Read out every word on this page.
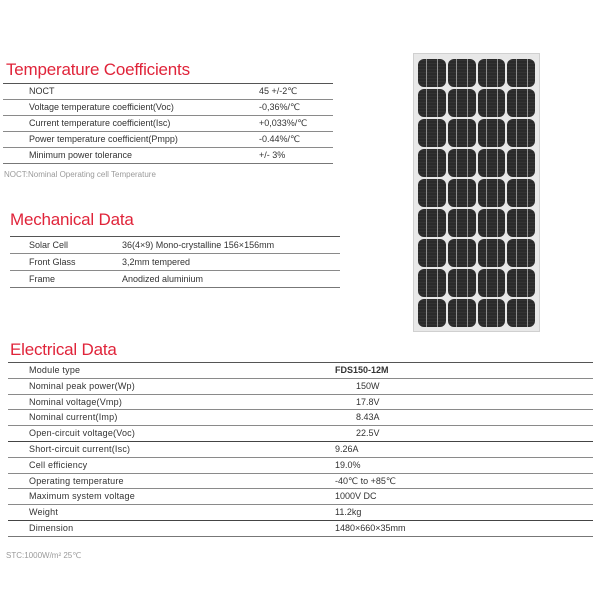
Temperature Coefficients
NOCT	45 +/-2℃
Voltage temperature coefficient(Voc)	-0,36%/℃
Current temperature coefficient(Isc)	+0,033%/℃
Power temperature coefficient(Pmpp)	-0.44%/℃
Minimum power tolerance	+/- 3%
NOCT:Nominal Operating cell Temperature
Mechanical Data
Solar Cell	36(4×9) Mono-crystalline 156×156mm
Front Glass	3,2mm tempered
Frame	Anodized aluminium
Electrical Data
Module type	FDS150-12M
Nominal peak power(Wp)	150W
Nominal voltage(Vmp)	17.8V
Nominal current(Imp)	8.43A
Open-circuit voltage(Voc)	22.5V
Short-circuit current(Isc)	9.26A
Cell efficiency	19.0%
Operating temperature	-40℃ to +85℃
Maximum system voltage	1000V DC
Weight	11.2kg
Dimension	1480×660×35mm
STC:1000W/m² 25℃
